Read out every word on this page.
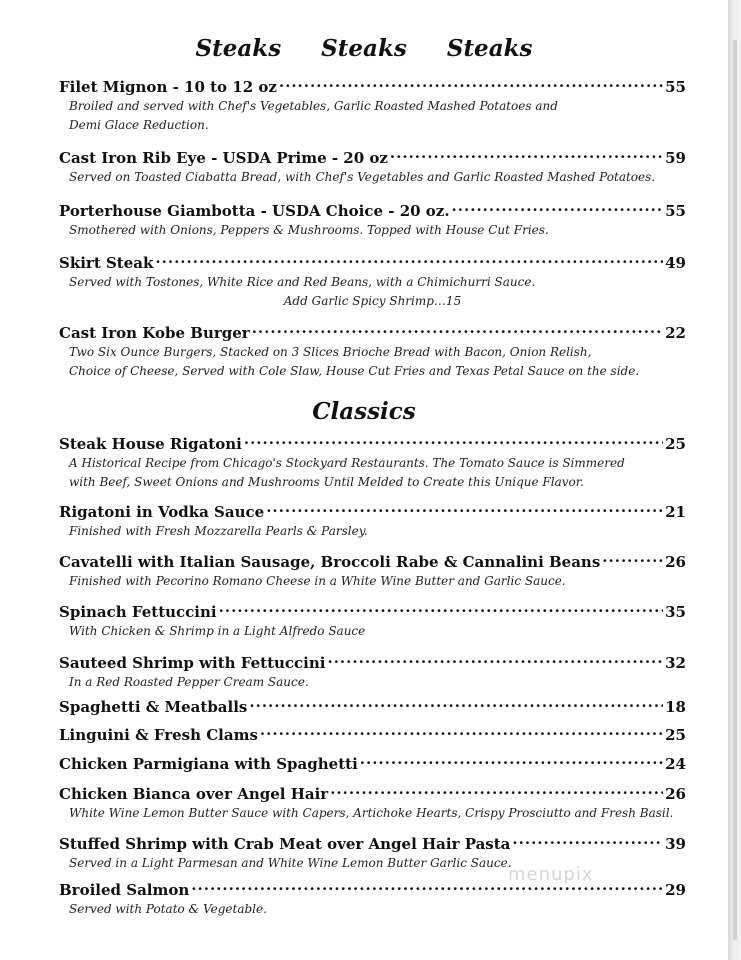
Steaks Steaks Steaks
Filet Mignon - 10 to 12 oz .....	55

Broiled and served with Chef's Vegetables, Garlic Roasted Mashed Potatoes and

Demi Glace Reduction.

Cast Iron Rib Eye - USDA Prime - 20 oz .....	59

Served on Toasted Ciabatta Bread, with Chef's Vegetables and Garlic Roasted Mashed Potatoes.

Porterhouse Giambotta - USDA Choice - 20 oz. .....	55

Smothered with Onions, Peppers & Mushrooms. Topped with House Cut Fries.

Skirt Steak .....	49

Served with Tostones, White Rice and Red Beans, with a Chimichurri Sauce.

Add Garlic Spicy Shrimp…15

Cast Iron Kobe Burger .....	22

Two Six Ounce Burgers, Stacked on 3 Slices Brioche Bread with Bacon, Onion Relish,

Choice of Cheese, Served with Cole Slaw, House Cut Fries and Texas Petal Sauce on the side.

Classics
Steak House Rigatoni .....	25

A Historical Recipe from Chicago's Stockyard Restaurants. The Tomato Sauce is Simmered

with Beef, Sweet Onions and Mushrooms Until Melded to Create this Unique Flavor.

Rigatoni in Vodka Sauce .....	21

Finished with Fresh Mozzarella Pearls & Parsley.

Cavatelli with Italian Sausage, Broccoli Rabe & Cannalini Beans .....	26

Finished with Pecorino Romano Cheese in a White Wine Butter and Garlic Sauce.

Spinach Fettuccini .....	35

With Chicken & Shrimp in a Light Alfredo Sauce

Sauteed Shrimp with Fettuccini .....	32

In a Red Roasted Pepper Cream Sauce.

Spaghetti & Meatballs .....	18
Linguini & Fresh Clams .....	25
Chicken Parmigiana with Spaghetti .....	24
Chicken Bianca over Angel Hair .....	26

White Wine Lemon Butter Sauce with Capers, Artichoke Hearts, Crispy Prosciutto and Fresh Basil.

Stuffed Shrimp with Crab Meat over Angel Hair Pasta .....	39

Served in a Light Parmesan and White Wine Lemon Butter Garlic Sauce.

Broiled Salmon .....	29

Served with Potato & Vegetable.

menupix
